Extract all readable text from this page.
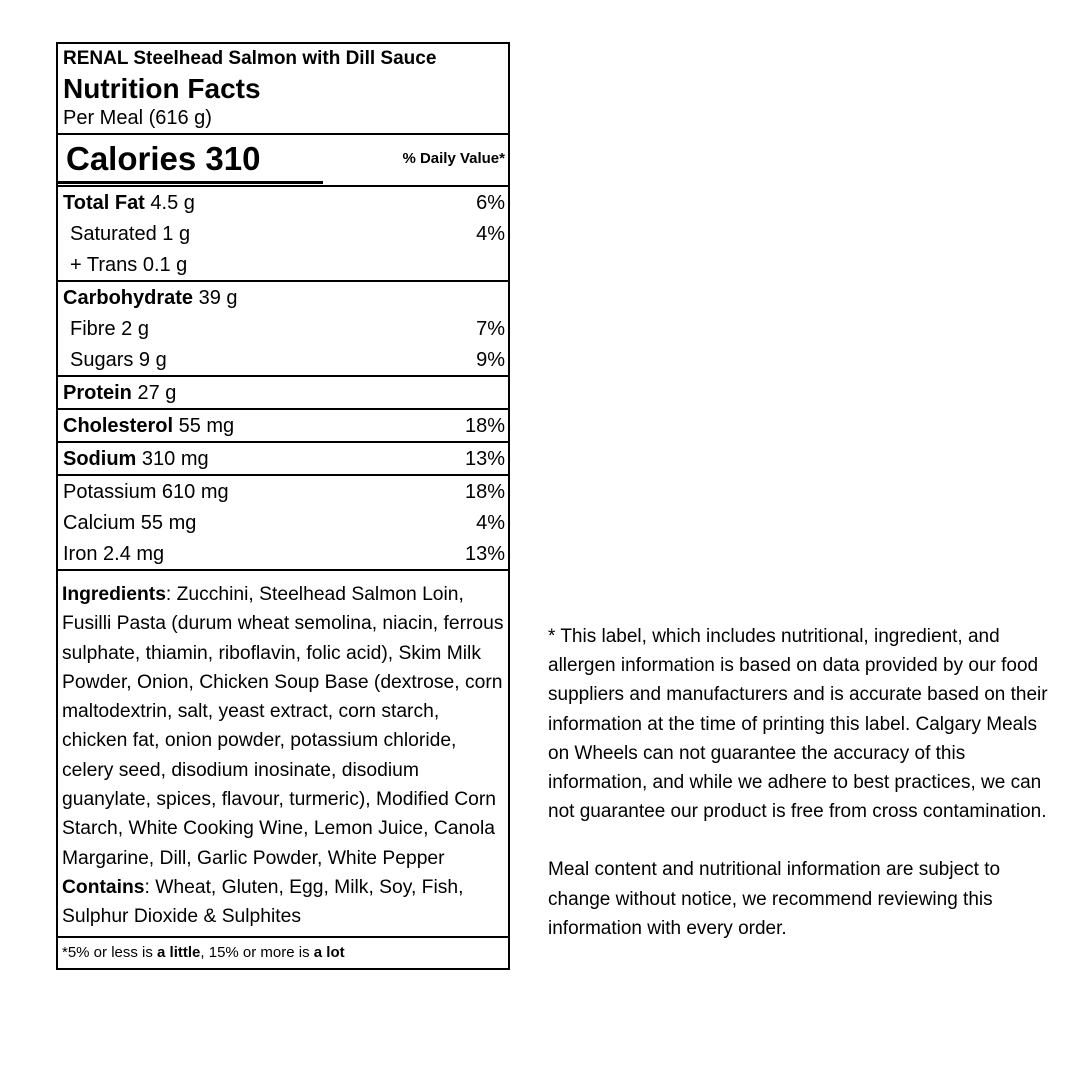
RENAL Steelhead Salmon with Dill Sauce
Nutrition Facts
Per Meal (616 g)
Calories 310	% Daily Value*
Total Fat 4.5 g	6%
Saturated 1 g	4%
+ Trans 0.1 g
Carbohydrate 39 g
Fibre 2 g	7%
Sugars 9 g	9%
Protein 27 g
Cholesterol 55 mg	18%
Sodium 310 mg	13%
Potassium 610 mg	18%
Calcium 55 mg	4%
Iron 2.4 mg	13%
Ingredients: Zucchini, Steelhead Salmon Loin, Fusilli Pasta (durum wheat semolina, niacin, ferrous sulphate, thiamin, riboflavin, folic acid), Skim Milk Powder, Onion, Chicken Soup Base (dextrose, corn maltodextrin, salt, yeast extract, corn starch, chicken fat, onion powder, potassium chloride, celery seed, disodium inosinate, disodium guanylate, spices, flavour, turmeric), Modified Corn Starch, White Cooking Wine, Lemon Juice, Canola Margarine, Dill, Garlic Powder, White Pepper Contains: Wheat, Gluten, Egg, Milk, Soy, Fish, Sulphur Dioxide & Sulphites
*5% or less is a little, 15% or more is a lot

* This label, which includes nutritional, ingredient, and allergen information is based on data provided by our food suppliers and manufacturers and is accurate based on their information at the time of printing this label. Calgary Meals on Wheels can not guarantee the accuracy of this information, and while we adhere to best practices, we can not guarantee our product is free from cross contamination.

Meal content and nutritional information are subject to change without notice, we recommend reviewing this information with every order.
